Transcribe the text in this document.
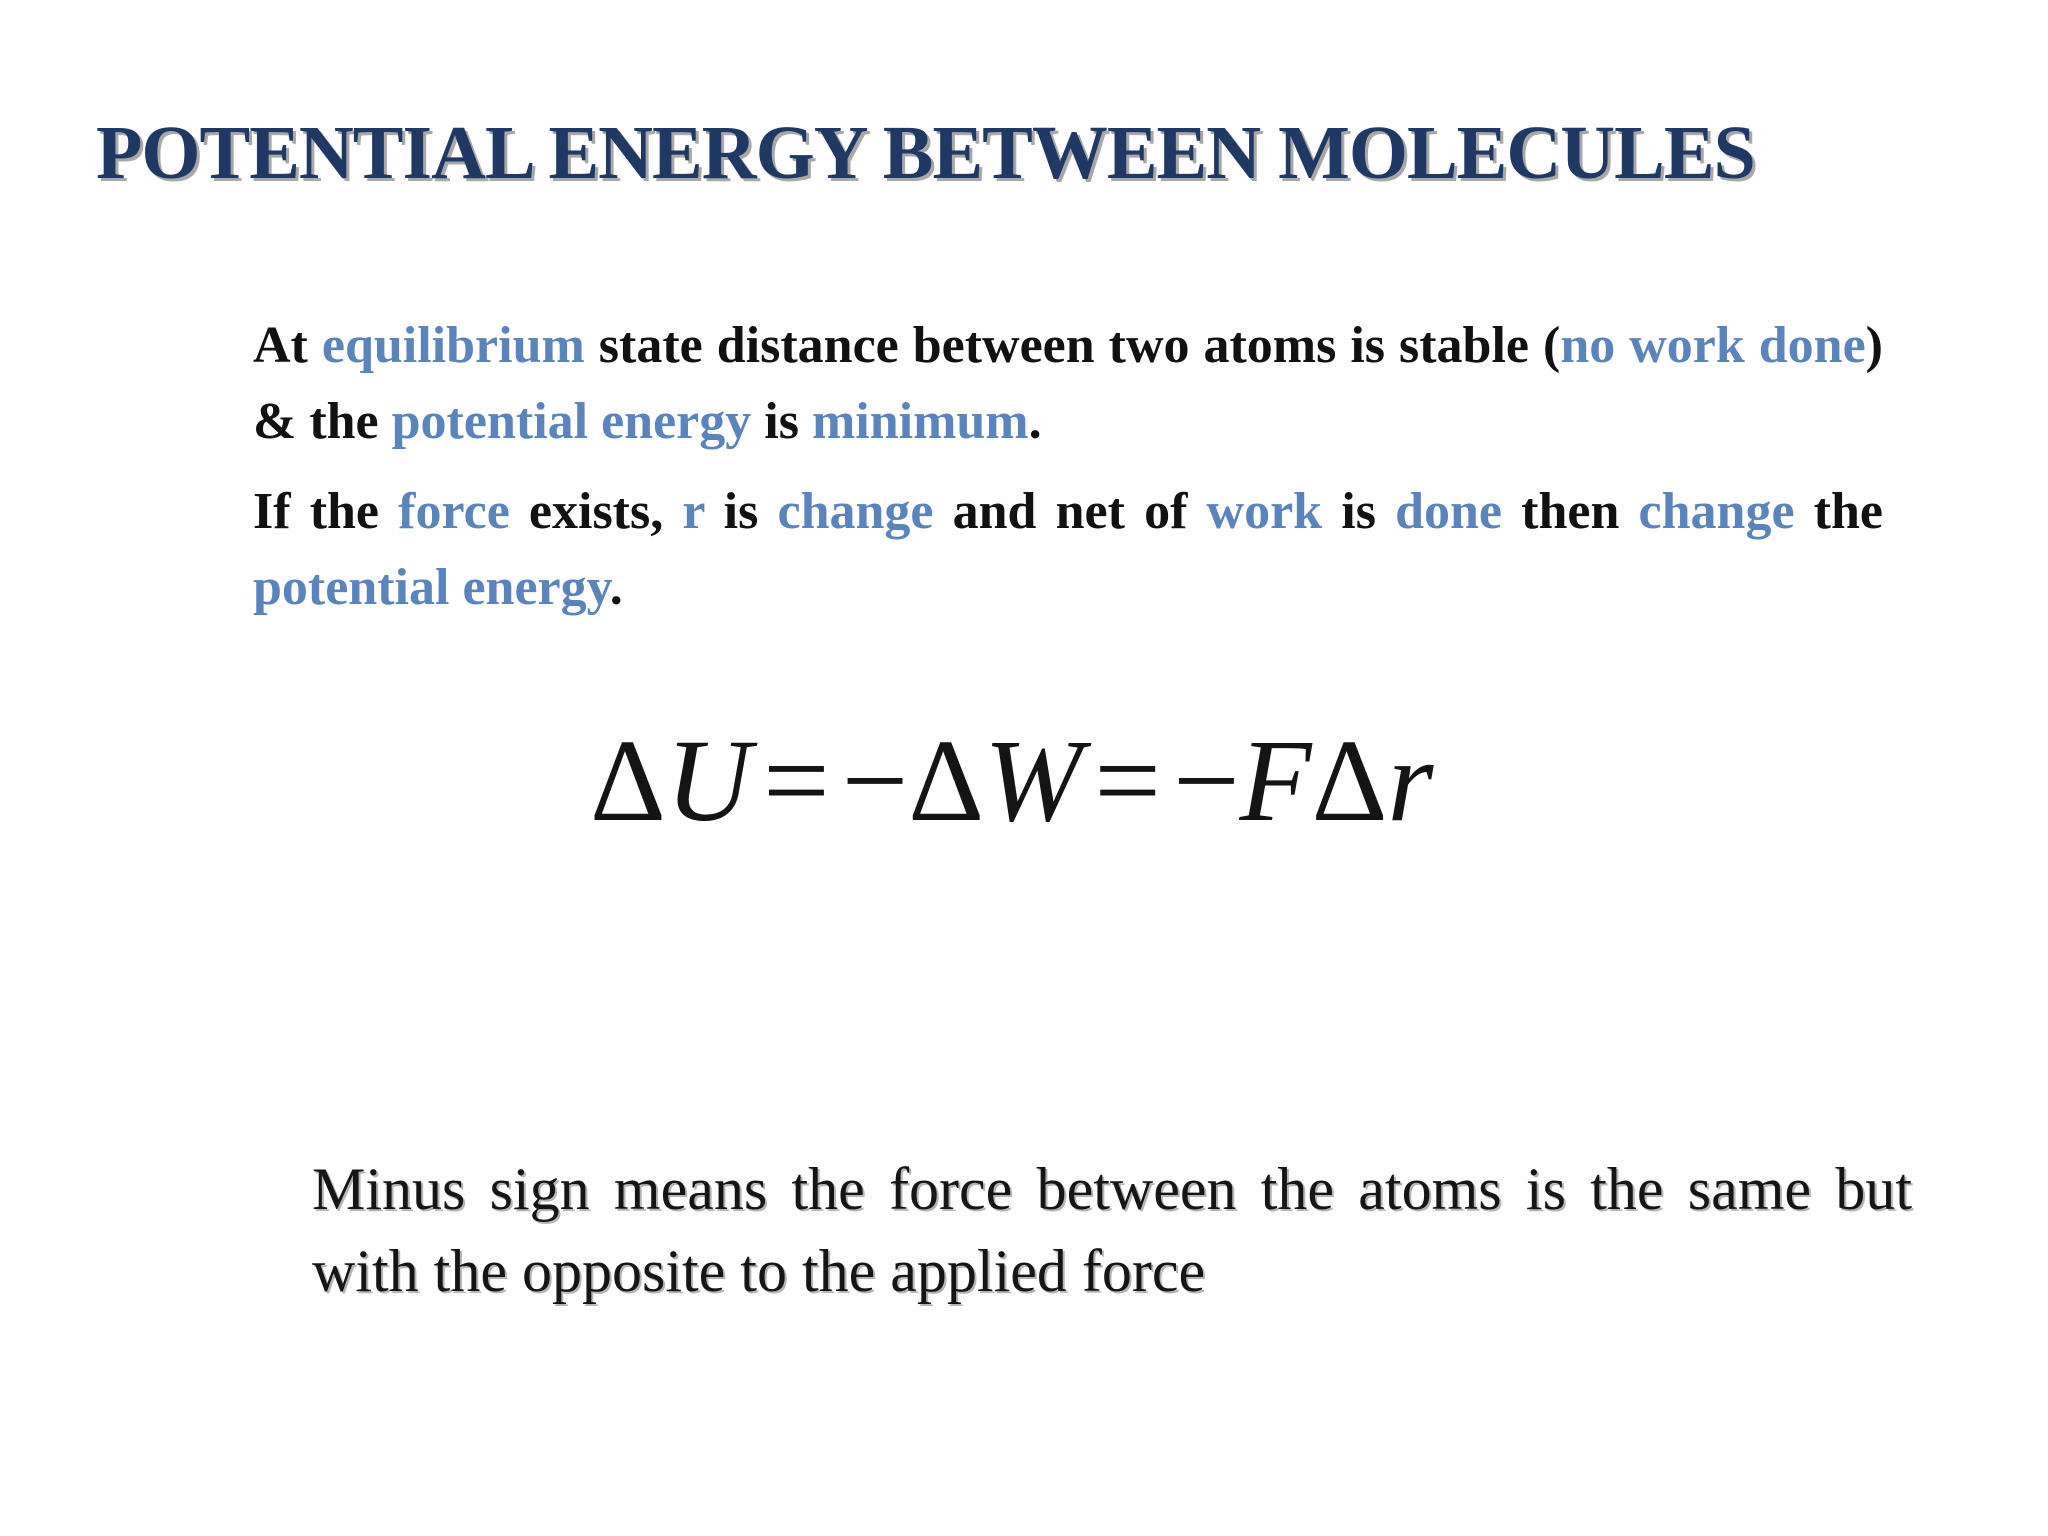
POTENTIAL ENERGY BETWEEN MOLECULES
At equilibrium state distance between two atoms is stable (no work done) & the potential energy is minimum.
If the force exists, r is change and net of work is done then change the potential energy.
ΔU = −ΔW = −FΔr
Minus sign means the force between the atoms is the same but with the opposite to the applied force
